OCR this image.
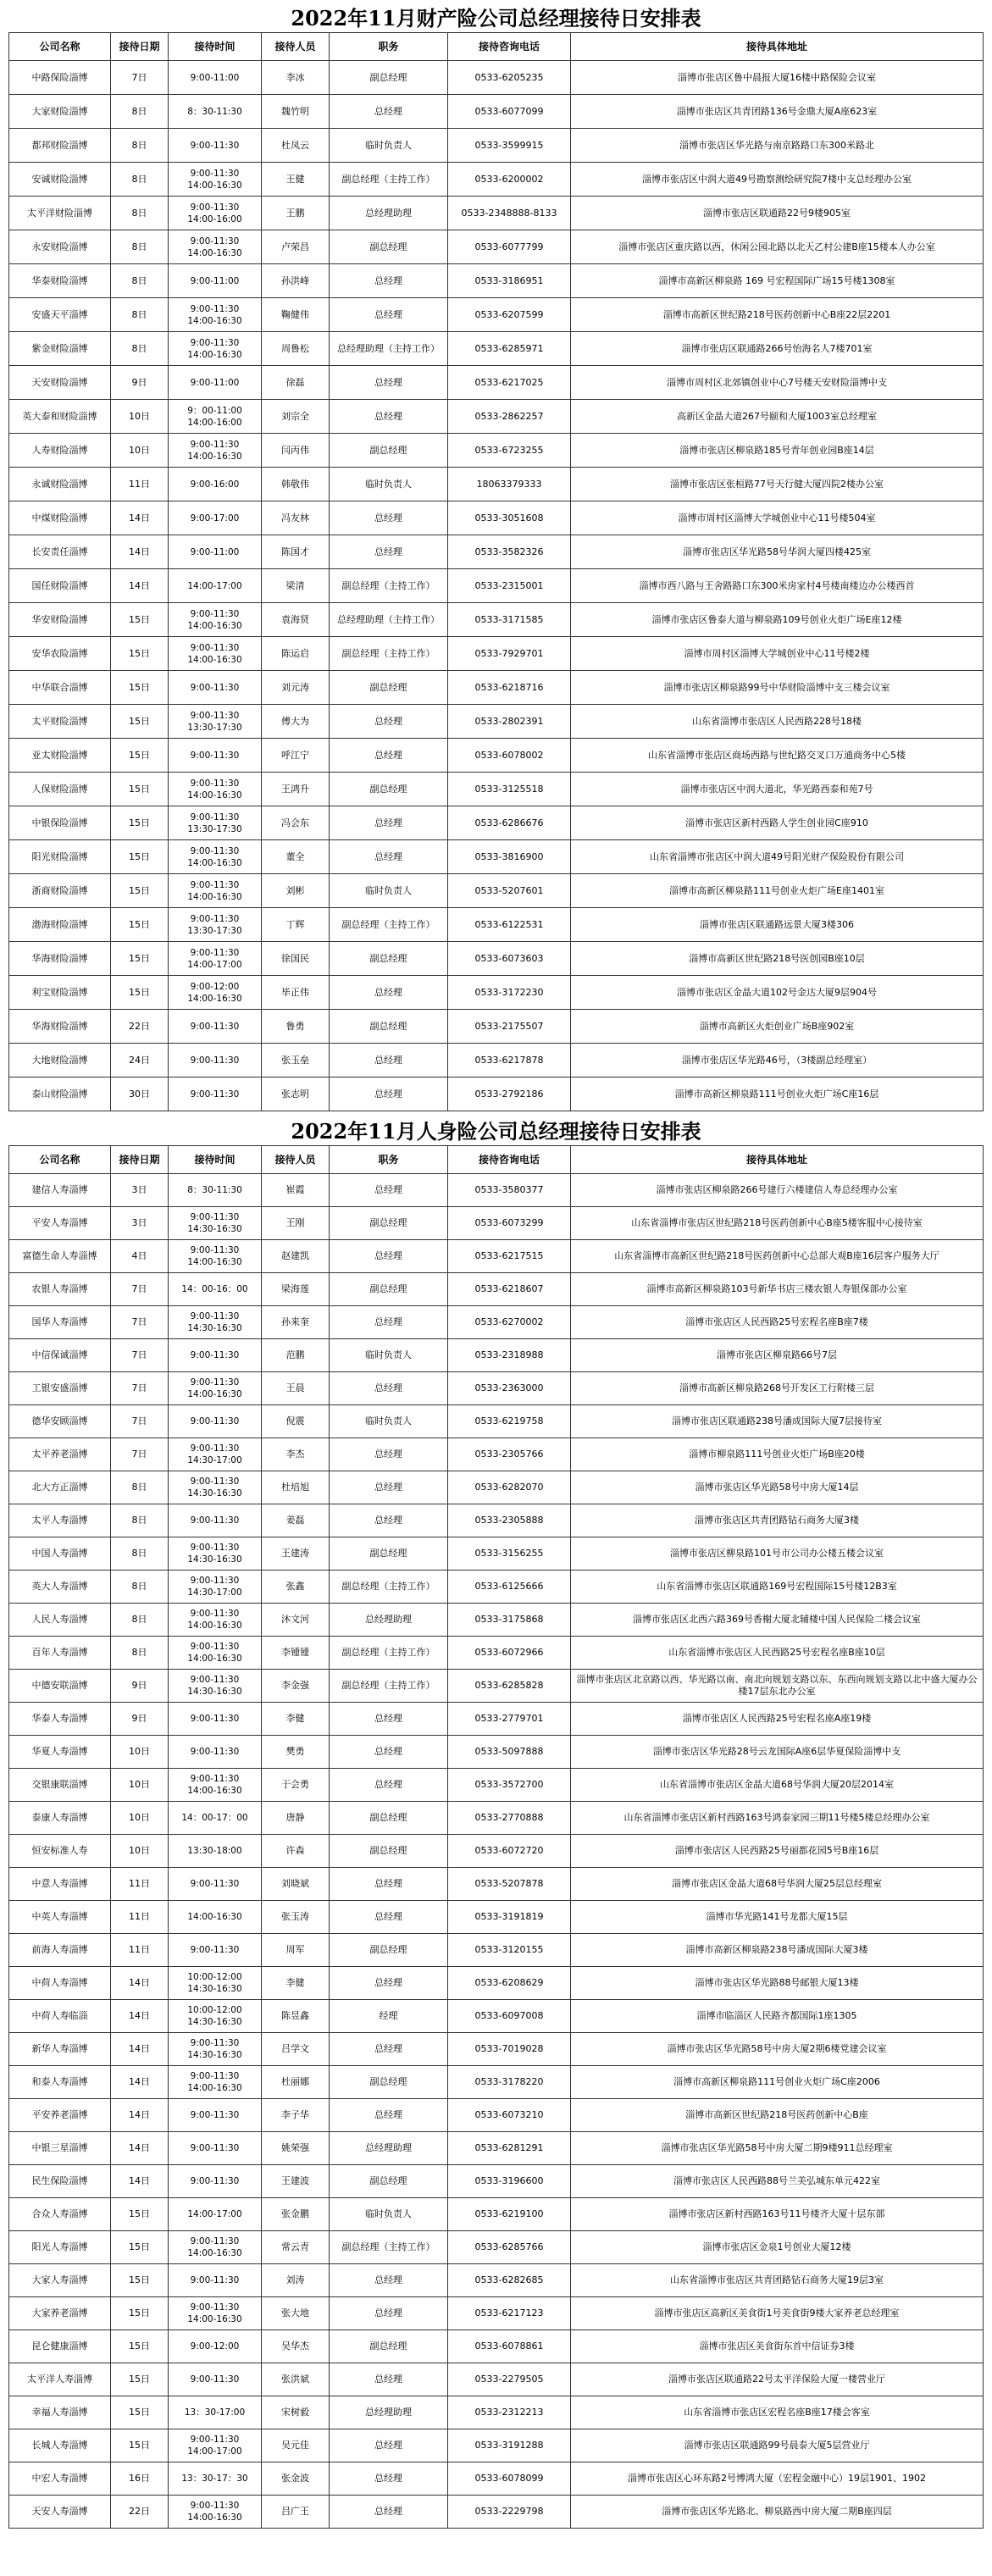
2022年11月财产险公司总经理接待日安排表
公司名称	接待日期	接待时间	接待人员	职务	接待咨询电话	接待具体地址
中路保险淄博	7日	9:00-11:00	李冰	副总经理	0533-6205235	淄博市张店区鲁中晨报大厦16楼中路保险会议室
大家财险淄博	8日	8：30-11:30	魏竹明	总经理	0533-6077099	淄博市张店区共青团路136号金鼎大厦A座623室
都邦财险淄博	8日	9:00-11:30	杜凤云	临时负责人	0533-3599915	淄博市张店区华光路与南京路路口东300米路北
安诚财险淄博	8日	9:00-11:30
14:00-16:30	王健	副总经理（主持工作）	0533-6200002	淄博市张店区中润大道49号勘察测绘研究院7楼中支总经理办公室
太平洋财险淄博	8日	9:00-11:30
14:00-16:00	王鹏	总经理助理	0533-2348888-8133	淄博市张店区联通路22号9楼905室
永安财险淄博	8日	9:00-11:30
14:00-16:30	卢荣昌	副总经理	0533-6077799	淄博市张店区重庆路以西，休闲公园北路以北天乙村公建B座15楼本人办公室
华泰财险淄博	8日	9:00-11:00	孙洪峰	总经理	0533-3186951	淄博市高新区柳泉路 169 号宏程国际广场15号楼1308室
安盛天平淄博	8日	9:00-11:30
14:00-16:30	鞠健伟	总经理	0533-6207599	淄博市高新区世纪路218号医药创新中心B座22层2201
紫金财险淄博	8日	9:00-11:30
14:00-16:30	周鲁松	总经理助理（主持工作）	0533-6285971	淄博市张店区联通路266号怡海名人7楼701室
天安财险淄博	9日	9:00-11:00	徐磊	总经理	0533-6217025	淄博市周村区北郊镇创业中心7号楼天安财险淄博中支
英大泰和财险淄博	10日	9：00-11:00
14:00-16:00	刘宗全	总经理	0533-2862257	高新区金晶大道267号颐和大厦1003室总经理室
人寿财险淄博	10日	9:00-11:30
14:00-16:30	闫丙伟	副总经理	0533-6723255	淄博市张店区柳泉路185号青年创业园B座14层
永诚财险淄博	11日	9:00-16:00	韩敬伟	临时负责人	18063379333	淄博市张店区张桓路77号天行健大厦四院2楼办公室
中煤财险淄博	14日	9:00-17:00	冯友林	总经理	0533-3051608	淄博市周村区淄博大学城创业中心11号楼504室
长安责任淄博	14日	9:00-11:00	陈国才	总经理	0533-3582326	淄博市张店区华光路58号华润大厦四楼425室
国任财险淄博	14日	14:00-17:00	梁清	副总经理（主持工作）	0533-2315001	淄博市西八路与王舍路路口东300米房家村4号楼南楼边办公楼西首
华安财险淄博	15日	9:00-11:30
14:00-16:30	袁海贤	总经理助理（主持工作）	0533-3171585	淄博市张店区鲁泰大道与柳泉路109号创业火炬广场E座12楼
安华农险淄博	15日	9:00-11:30
14:00-16:30	陈运启	副总经理（主持工作）	0533-7929701	淄博市周村区淄博大学城创业中心11号楼2楼
中华联合淄博	15日	9:00-11:30	刘元涛	副总经理	0533-6218716	淄博市张店区柳泉路99号中华财险淄博中支三楼会议室
太平财险淄博	15日	9:00-11:30
13:30-17:30	傅大为	总经理	0533-2802391	山东省淄博市张店区人民西路228号18楼
亚太财险淄博	15日	9:00-11:30	呼江宁	总经理	0533-6078002	山东省淄博市张店区商场西路与世纪路交叉口万通商务中心5楼
人保财险淄博	15日	9:00-11:30
14:00-16:30	王鸿升	副总经理	0533-3125518	淄博市张店区中润大道北，华光路西泰和苑7号
中银保险淄博	15日	9:00-11:30
13:30-17:30	冯会东	总经理	0533-6286676	淄博市张店区新村西路人学生创业园C座910
阳光财险淄博	15日	9:00-11:30
14:00-16:30	董全	总经理	0533-3816900	山东省淄博市张店区中润大道49号阳光财产保险股份有限公司
浙商财险淄博	15日	9:00-11:30
14:00-16:30	刘彬	临时负责人	0533-5207601	淄博市高新区柳泉路111号创业火炬广场E座1401室
渤海财险淄博	15日	9:00-11:30
13:30-17:30	丁辉	副总经理（主持工作）	0533-6122531	淄博市张店区联通路远景大厦3楼306
华海财险淄博	15日	9:00-11:30
14:00-17:00	徐国民	副总经理	0533-6073603	淄博市高新区世纪路218号医创园B座10层
利宝财险淄博	15日	9:00-12:00
14:00-16:30	毕正伟	总经理	0533-3172230	淄博市张店区金晶大道102号金达大厦9层904号
华海财险淄博	22日	9:00-11:30	鲁勇	副总经理	0533-2175507	淄博市高新区火炬创业广场B座902室
大地财险淄博	24日	9:00-11:30	张玉垒	总经理	0533-6217878	淄博市张店区华光路46号，（3楼副总经理室）
泰山财险淄博	30日	9:00-11:30	张志明	总经理	0533-2792186	淄博市高新区柳泉路111号创业火炬广场C座16层
2022年11月人身险公司总经理接待日安排表
公司名称	接待日期	接待时间	接待人员	职务	接待咨询电话	接待具体地址
建信人寿淄博	3日	8：30-11:30	崔霞	总经理	0533-3580377	淄博市张店区柳泉路266号建行六楼建信人寿总经理办公室
平安人寿淄博	3日	9:00-11:30
14:30-16:30	王刚	副总经理	0533-6073299	山东省淄博市张店区世纪路218号医药创新中心B座5楼客服中心接待室
富德生命人寿淄博	4日	9:00-11:30
14:00-16:30	赵建凯	总经理	0533-6217515	山东省淄博市高新区世纪路218号医药创新中心总部大观B座16层客户服务大厅
农银人寿淄博	7日	14：00-16：00	梁海莲	副总经理	0533-6218607	淄博市高新区柳泉路103号新华书店三楼农银人寿银保部办公室
国华人寿淄博	7日	9:00-11:30
14:30-16:30	孙来奎	总经理	0533-6270002	淄博市张店区人民西路25号宏程名座B座7楼
中信保诚淄博	7日	9:00-11:30	范鹏	临时负责人	0533-2318988	淄博市张店区柳泉路66号7层
工银安盛淄博	7日	9:00-11:30
14:00-16:30	王晨	总经理	0533-2363000	淄博市高新区柳泉路268号开发区工行附楼三层
德华安顾淄博	7日	9:00-11:30	倪震	临时负责人	0533-6219758	淄博市张店区联通路238号潘成国际大厦7层接待室
太平养老淄博	7日	9:00-11:30
14:30-17:00	李杰	总经理	0533-2305766	淄博市柳泉路111号创业火炬广场B座20楼
北大方正淄博	8日	9:00-11:30
14:30-16:30	杜培旭	总经理	0533-6282070	淄博市张店区华光路58号中房大厦14层
太平人寿淄博	8日	9:00-11:30	姜磊	总经理	0533-2305888	淄博市张店区共青团路钻石商务大厦3楼
中国人寿淄博	8日	9:00-11:30
14:30-16:30	王建涛	副总经理	0533-3156255	淄博市张店区柳泉路101号市公司办公楼五楼会议室
英大人寿淄博	8日	9:00-11:30
14:30-17:00	张鑫	副总经理（主持工作）	0533-6125666	山东省淄博市张店区联通路169号宏程国际15号楼12B3室
人民人寿淄博	8日	9:00-11:30
14:00-16:30	沐文河	总经理助理	0533-3175868	淄博市张店区北西六路369号香榭大厦北辅楼中国人民保险二楼会议室
百年人寿淄博	8日	9:00-11:30
14:00-16:30	李锺锺	副总经理（主持工作）	0533-6072966	山东省淄博市张店区人民西路25号宏程名座B座10层
中德安联淄博	9日	9:00-11:30
14:30-16:30	李金强	副总经理（主持工作）	0533-6285828	淄博市张店区北京路以西、华光路以南、南北向规划支路以东、东西向规划支路以北中盛大厦办公楼17层东北办公室
华泰人寿淄博	9日	9:00-11:30	李健	总经理	0533-2779701	淄博市张店区人民西路25号宏程名座A座19楼
华夏人寿淄博	10日	9:00-11:30	樊勇	总经理	0533-5097888	淄博市张店区华光路28号云龙国际A座6层华夏保险淄博中支
交银康联淄博	10日	9:00-11:30
14:00-16:30	于会勇	总经理	0533-3572700	山东省淄博市张店区金晶大道68号华润大厦20层2014室
泰康人寿淄博	10日	14：00-17：00	唐静	副总经理	0533-2770888	山东省淄博市张店区新村西路163号鸿泰家园三期11号楼5楼总经理办公室
恒安标准人寿	10日	13:30-18:00	许森	副总经理	0533-6072720	淄博市张店区人民西路25号丽都花园5号B座16层
中意人寿淄博	11日	9:00-11:30	刘晓斌	总经理	0533-5207878	淄博市张店区金晶大道68号华润大厦25层总经理室
中英人寿淄博	11日	14:00-16:30	张玉涛	总经理	0533-3191819	淄博市华光路141号龙都大厦15层
前海人寿淄博	11日	9:00-11:30	周军	副总经理	0533-3120155	淄博市高新区柳泉路238号潘成国际大厦3楼
中荷人寿淄博	14日	10:00-12:00
14:30-16:30	李健	总经理	0533-6208629	淄博市张店区华光路88号邮银大厦13楼
中荷人寿临淄	14日	10:00-12:00
14:30-16:30	陈昱鑫	经理	0533-6097008	淄博市临淄区人民路齐都国际1座1305
新华人寿淄博	14日	9:00-11:30
14:30-16:30	吕学文	总经理	0533-7019028	淄博市张店区华光路58号中房大厦2期6楼党建会议室
和泰人寿淄博	14日	9:00-11:30
14:00-16:30	杜丽娜	副总经理	0533-3178220	淄博市高新区柳泉路111号创业火炬广场C座2006
平安养老淄博	14日	9:00-11:30	李子华	总经理	0533-6073210	淄博市高新区世纪路218号医药创新中心B座
中银三星淄博	14日	9:00-11:30	姚荣强	总经理助理	0533-6281291	淄博市张店区华光路58号中房大厦二期9楼911总经理室
民生保险淄博	14日	9:00-11:30	王建波	副总经理	0533-3196600	淄博市张店区人民西路88号兰美弘城东单元422室
合众人寿淄博	15日	14:00-17:00	张金鹏	临时负责人	0533-6219100	淄博市张店区新村西路163号11号楼齐大厦十层东部
阳光人寿淄博	15日	9:00-11:30
14:00-16:30	常云青	副总经理（主持工作）	0533-6285766	淄博市张店区金泉1号创业大厦12楼
大家人寿淄博	15日	9:00-11:30	刘涛	总经理	0533-6282685	山东省淄博市张店区共青团路钻石商务大厦19层3室
大家养老淄博	15日	9:00-11:30
14:00-16:30	张大地	总经理	0533-6217123	淄博市张店区高新区美食街1号美食街9楼大家养老总经理室
昆仑健康淄博	15日	9:00-12:00	吴华杰	副总经理	0533-6078861	淄博市张店区美食街东首中信证券3楼
太平洋人寿淄博	15日	9:00-11:30	张洪斌	总经理	0533-2279505	淄博市张店区联通路22号太平洋保险大厦一楼营业厅
幸福人寿淄博	15日	13：30-17:00	宋树毅	总经理助理	0533-2312213	山东省淄博市张店区宏程名座B座17楼会客室
长城人寿淄博	15日	9:00-11:30
14:00-17:00	吴元佳	总经理	0533-3191288	淄博市张店区联通路99号晨泰大厦5层营业厅
中宏人寿淄博	16日	13：30-17：30	张金波	总经理	0533-6078099	淄博市张店区心环东路2号博鸿大厦（宏程金融中心）19层1901、1902
天安人寿淄博	22日	9:00-11:30
14:00-16:30	吕广王	总经理	0533-2229798	淄博市张店区华光路北、柳泉路西中房大厦二期B座四层
